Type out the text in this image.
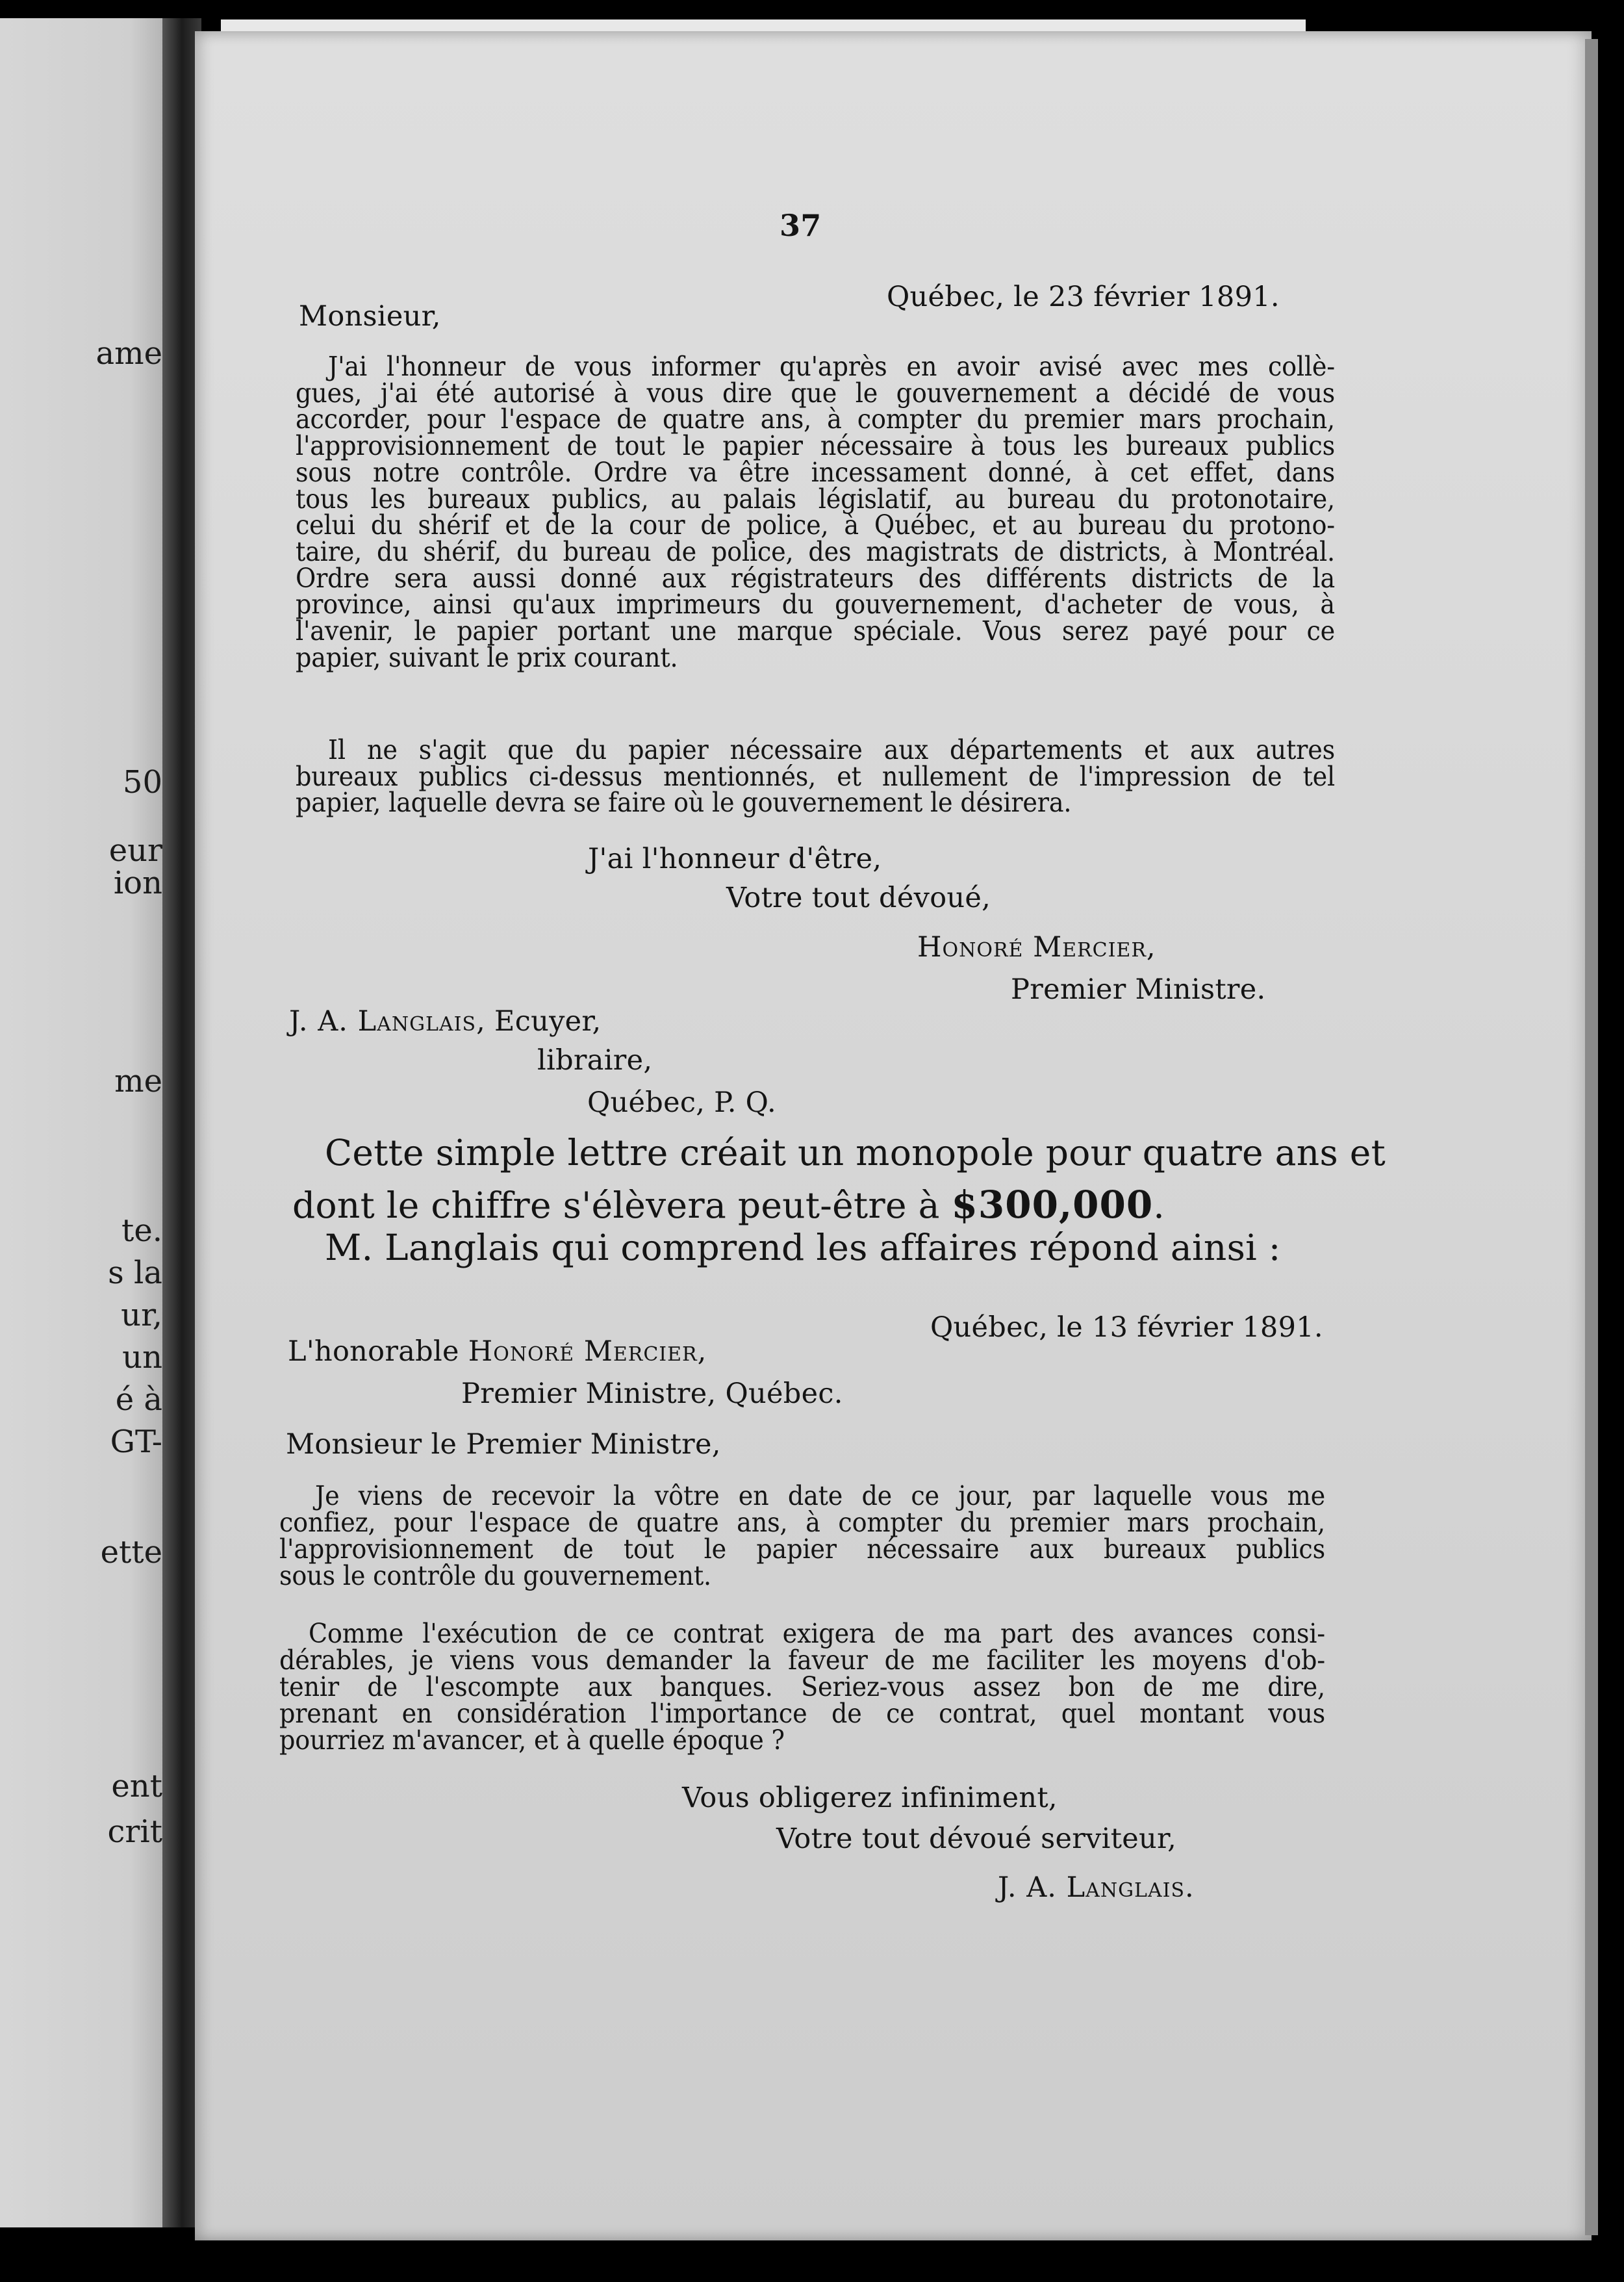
ame
50
eur
ion
me
te.
s la
ur,
un
é à
GT-
ette
ent
crit
37
Québec, le 23 février 1891.
Monsieur,
J'ai l'honneur de vous informer qu'après en avoir avisé avec mes collè-
gues, j'ai été autorisé à vous dire que le gouvernement a décidé de vous
accorder, pour l'espace de quatre ans, à compter du premier mars prochain,
l'approvisionnement de tout le papier nécessaire à tous les bureaux publics
sous notre contrôle. Ordre va être incessament donné, à cet effet, dans
tous les bureaux publics, au palais législatif, au bureau du protonotaire,
celui du shérif et de la cour de police, à Québec, et au bureau du protono-
taire, du shérif, du bureau de police, des magistrats de districts, à Montréal.
Ordre sera aussi donné aux régistrateurs des différents districts de la
province, ainsi qu'aux imprimeurs du gouvernement, d'acheter de vous, à
l'avenir, le papier portant une marque spéciale. Vous serez payé pour ce
papier, suivant le prix courant.
Il ne s'agit que du papier nécessaire aux départements et aux autres
bureaux publics ci-dessus mentionnés, et nullement de l'impression de tel
papier, laquelle devra se faire où le gouvernement le désirera.
J'ai l'honneur d'être,
Votre tout dévoué,
Honoré Mercier,
Premier Ministre.
J. A. Langlais, Ecuyer,
libraire,
Québec, P. Q.
Cette simple lettre créait un monopole pour quatre ans et
dont le chiffre s'élèvera peut-être à $300,000.
M. Langlais qui comprend les affaires répond ainsi :
Québec, le 13 février 1891.
L'honorable Honoré Mercier,
Premier Ministre, Québec.
Monsieur le Premier Ministre,
Je viens de recevoir la vôtre en date de ce jour, par laquelle vous me
confiez, pour l'espace de quatre ans, à compter du premier mars prochain,
l'approvisionnement de tout le papier nécessaire aux bureaux publics
sous le contrôle du gouvernement.
Comme l'exécution de ce contrat exigera de ma part des avances consi-
dérables, je viens vous demander la faveur de me faciliter les moyens d'ob-
tenir de l'escompte aux banques. Seriez-vous assez bon de me dire,
prenant en considération l'importance de ce contrat, quel montant vous
pourriez m'avancer, et à quelle époque ?
Vous obligerez infiniment,
Votre tout dévoué serviteur,
J. A. Langlais.
